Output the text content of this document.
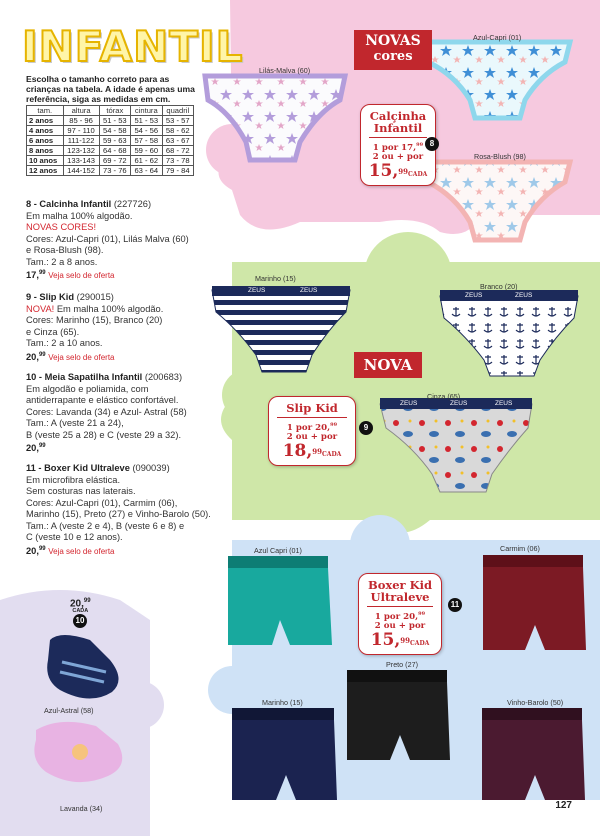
INFANTIL
Escolha o tamanho correto para as crianças na tabela. A idade é apenas uma referência, siga as medidas em cm.
tam.	altura	tórax	cintura	quadril
2 anos	85 - 96	51 - 53	51 - 53	53 - 57
4 anos	97 - 110	54 - 58	54 - 56	58 - 62
6 anos	111-122	59 - 63	57 - 58	63 - 67
8 anos	123-132	64 - 68	59 - 60	68 - 72
10 anos	133-143	69 - 72	61 - 62	73 - 78
12 anos	144-152	73 - 76	63 - 64	79 - 84
8 - Calcinha Infantil (227726)
Em malha 100% algodão.
NOVAS CORES!
Cores: Azul-Capri (01), Lilás Malva (60)
e Rosa-Blush (98).
Tam.: 2 a 8 anos.
17,99 Veja selo de oferta
9 - Slip Kid (290015)
NOVA! Em malha 100% algodão.
Cores: Marinho (15), Branco (20)
e Cinza (65).
Tam.: 2 a 10 anos.
20,99 Veja selo de oferta
10 - Meia Sapatilha Infantil (200683)
Em algodão e poliamida, com
antiderrapante e elástico confortável.
Cores: Lavanda (34) e Azul- Astral (58)
Tam.: A (veste 21 a 24),
B (veste 25 a 28) e C (veste 29 a 32).
20,99
11 - Boxer Kid Ultraleve (090039)
Em microfibra elástica.
Sem costuras nas laterais.
Cores: Azul-Capri (01), Carmim (06),
Marinho (15), Preto (27) e Vinho-Barolo (50).
Tam.: A (veste 2 e 4), B (veste 6 e 8) e
C (veste 10 e 12 anos).
20,99 Veja selo de oferta
Lilás-Malva (60)
Azul-Capri (01)
Rosa-Blush (98)
Marinho (15)
Branco (20)
Cinza (65)
Azul Capri (01)	Carmim (06)
Preto (27)
Marinho (15)	Vinho-Barolo (50)
Azul-Astral (58)
Lavanda (34)
ZEUS	ZEUS
ZEUS	ZEUS
ZEUS	ZEUS	ZEUS
NOVAS
cores
NOVA
Calçinha
Infantil
1 por 17,99
2 ou + por
15,99CADA
8
Slip Kid
1 por 20,99
2 ou + por
18,99CADA
9
Boxer Kid
Ultraleve
1 por 20,99
2 ou + por
15,99CADA
11
20,99
CADA
10
127
